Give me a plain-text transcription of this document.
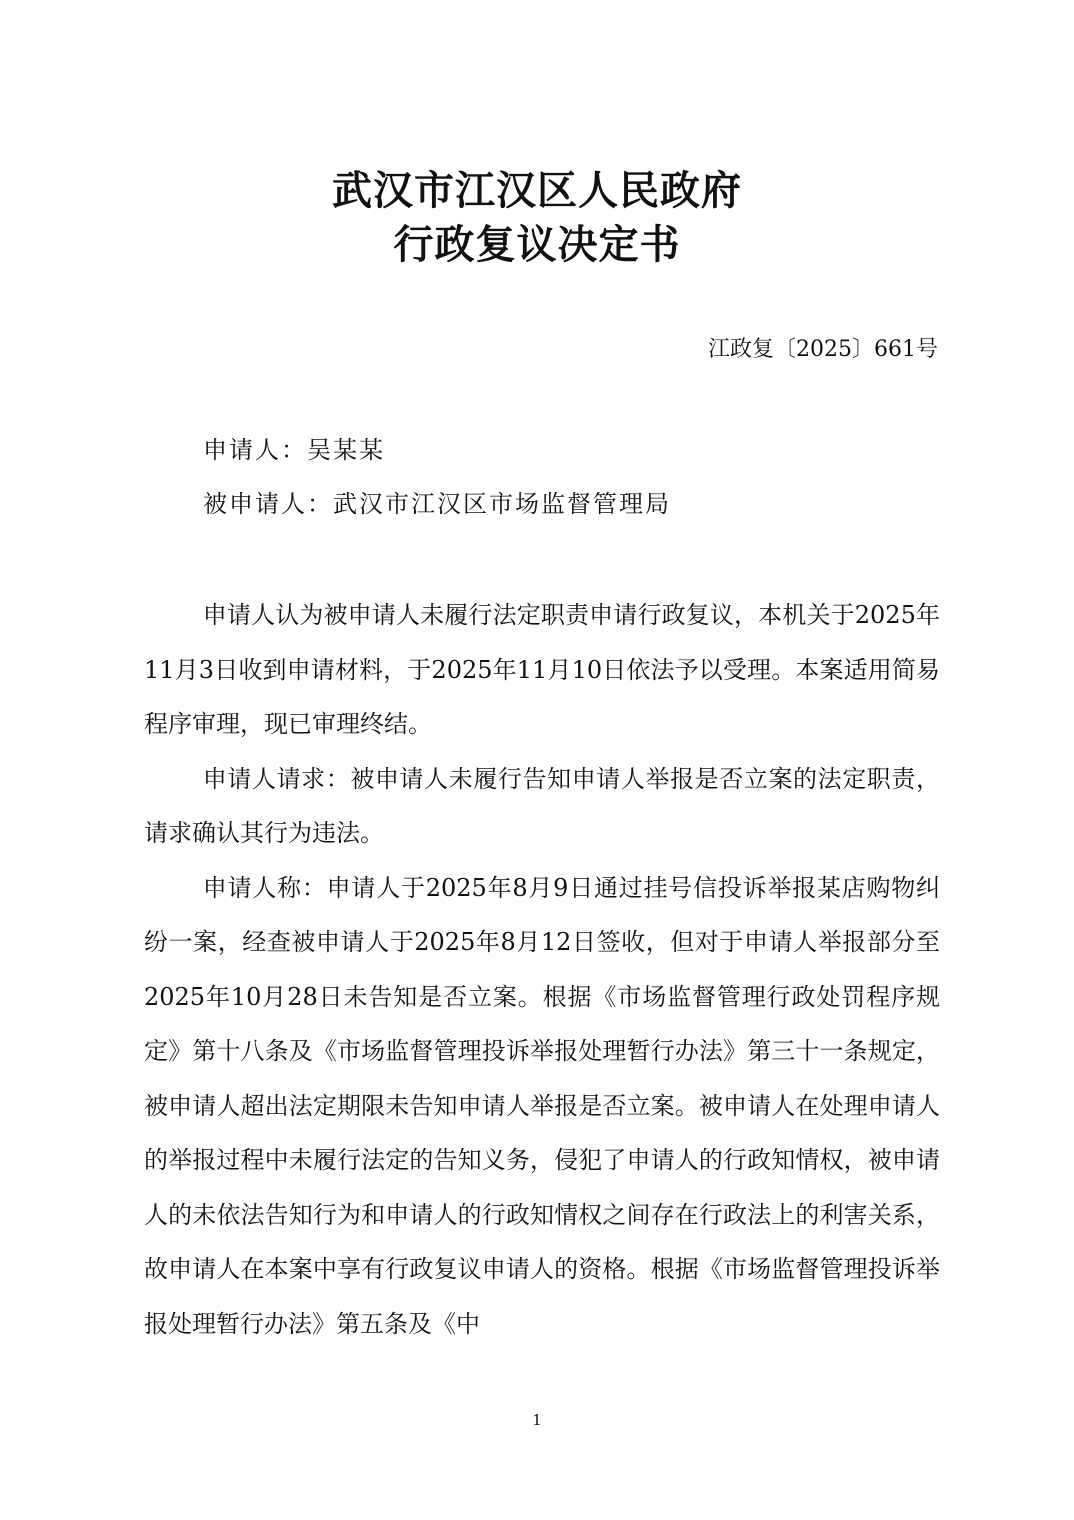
武汉市江汉区人民政府
行政复议决定书
江政复〔2025〕661号
申请人：吴某某
被申请人：武汉市江汉区市场监督管理局

申请人认为被申请人未履行法定职责申请行政复议，本机关于2025年11月3日收到申请材料，于2025年11月10日依法予以受理。本案适用简易程序审理，现已审理终结。

申请人请求：被申请人未履行告知申请人举报是否立案的法定职责，请求确认其行为违法。

申请人称：申请人于2025年8月9日通过挂号信投诉举报某店购物纠纷一案，经查被申请人于2025年8月12日签收，但对于申请人举报部分至2025年10月28日未告知是否立案。根据《市场监督管理行政处罚程序规定》第十八条及《市场监督管理投诉举报处理暂行办法》第三十一条规定，被申请人超出法定期限未告知申请人举报是否立案。被申请人在处理申请人的举报过程中未履行法定的告知义务，侵犯了申请人的行政知情权，被申请人的未依法告知行为和申请人的行政知情权之间存在行政法上的利害关系，故申请人在本案中享有行政复议申请人的资格。根据《市场监督管理投诉举报处理暂行办法》第五条及《中

1
